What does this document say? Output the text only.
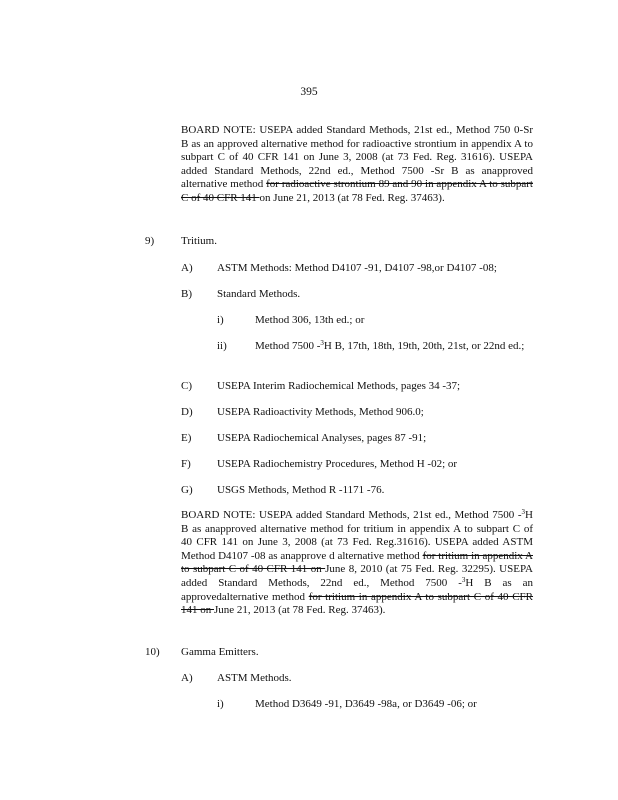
395
BOARD NOTE: USEPA added Standard Methods, 21st ed., Method 750 0-Sr B as an approved alternative method for radioactive strontium in appendix A to subpart C of 40 CFR 141 on June 3, 2008 (at 73 Fed. Reg. 31616). USEPA added Standard Methods, 22nd ed., Method 7500 -Sr B as anapproved alternative method for radioactive strontium 89 and 90 in appendix A to subpart C of 40 CFR 141 on June 21, 2013 (at 78 Fed. Reg. 37463).
9) Tritium.
A) ASTM Methods: Method D4107 -91, D4107 -98,or D4107 -08;
B) Standard Methods.
i)	Method 306, 13th ed.; or
ii)	Method 7500 -$^3$H B, 17th, 18th, 19th, 20th, 21st, or 22nd ed.;
C) USEPA Interim Radiochemical Methods, pages 34 -37;
D) USEPA Radioactivity Methods, Method 906.0;
E) USEPA Radiochemical Analyses, pages 87 -91;
F) USEPA Radiochemistry Procedures, Method H -02; or
G) USGS Methods, Method R -1171 -76.
BOARD NOTE: USEPA added Standard Methods, 21st ed., Method 7500 -$^3$H B as anapproved alternative method for tritium in appendix A to subpart C of 40 CFR 141 on June 3, 2008 (at 73 Fed. Reg.31616). USEPA added ASTM Method D4107 -08 as anapprove d alternative method for tritium in appendix A to subpart C of 40 CFR 141 on June 8, 2010 (at 75 Fed. Reg. 32295). USEPA added Standard Methods, 22nd ed., Method 7500 -$^3$H B as an approvedalternative method for tritium in appendix A to subpart C of 40 CFR 141 on June 21, 2013 (at 78 Fed. Reg. 37463).
10) Gamma Emitters.
A) ASTM Methods.
i)	Method D3649 -91, D3649 -98a, or D3649 -06; or
